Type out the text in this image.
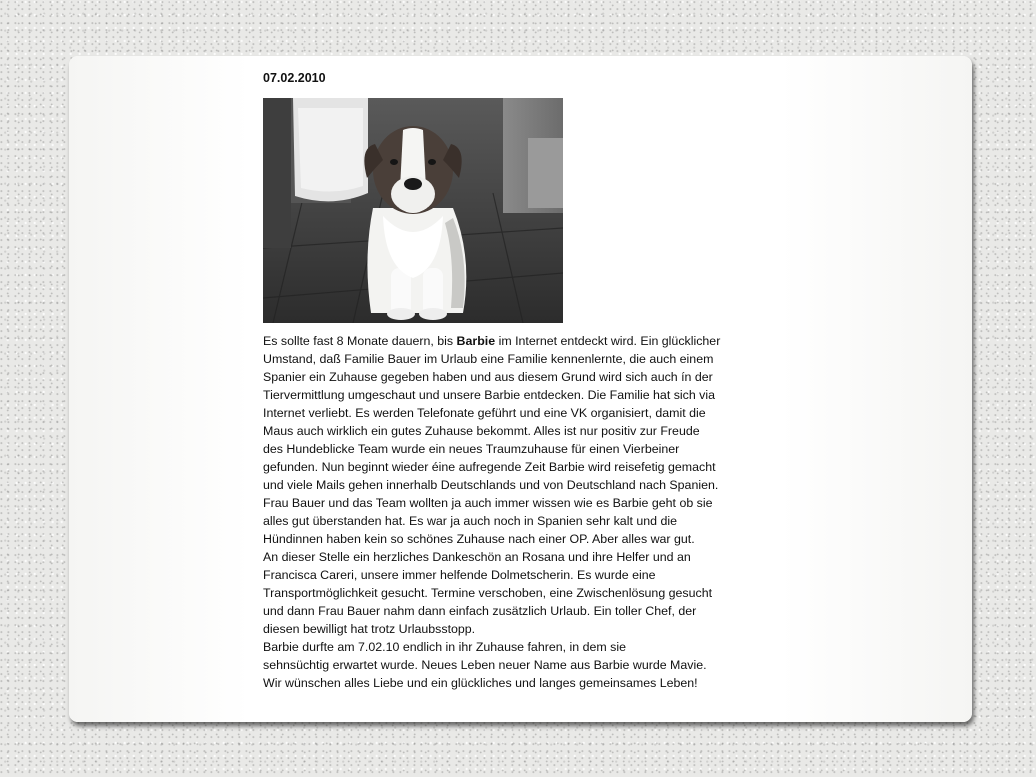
07.02.2010
Es sollte fast 8 Monate dauern, bis Barbie im Internet entdeckt wird. Ein glücklicher
Umstand, daß Familie Bauer im Urlaub eine Familie kennenlernte, die auch einem
Spanier ein Zuhause gegeben haben und aus diesem Grund wird sich auch ín der
Tiervermittlung umgeschaut und unsere Barbie entdecken. Die Familie hat sich via
Internet verliebt. Es werden Telefonate geführt und eine VK organisiert, damit die
Maus auch wirklich ein gutes Zuhause bekommt. Alles ist nur positiv zur Freude
des Hundeblicke Team wurde ein neues Traumzuhause für einen Vierbeiner
gefunden. Nun beginnt wieder éine aufregende Zeit Barbie wird reisefetig gemacht
und viele Mails gehen innerhalb Deutschlands und von Deutschland nach Spanien.
Frau Bauer und das Team wollten ja auch immer wissen wie es Barbie geht ob sie
alles gut überstanden hat. Es war ja auch noch in Spanien sehr kalt und die
Hündinnen haben kein so schönes Zuhause nach einer OP. Aber alles war gut.
An dieser Stelle ein herzliches Dankeschön an Rosana und ihre Helfer und an
Francisca Careri, unsere immer helfende Dolmetscherin. Es wurde eine
Transportmöglichkeit gesucht. Termine verschoben, eine Zwischenlösung gesucht
und dann Frau Bauer nahm dann einfach zusätzlich Urlaub. Ein toller Chef, der
diesen bewilligt hat trotz Urlaubsstopp.
Barbie durfte am 7.02.10 endlich in ihr Zuhause fahren, in dem sie
sehnsüchtig erwartet wurde. Neues Leben neuer Name aus Barbie wurde Mavie.
Wir wünschen alles Liebe und ein glückliches und langes gemeinsames Leben!
